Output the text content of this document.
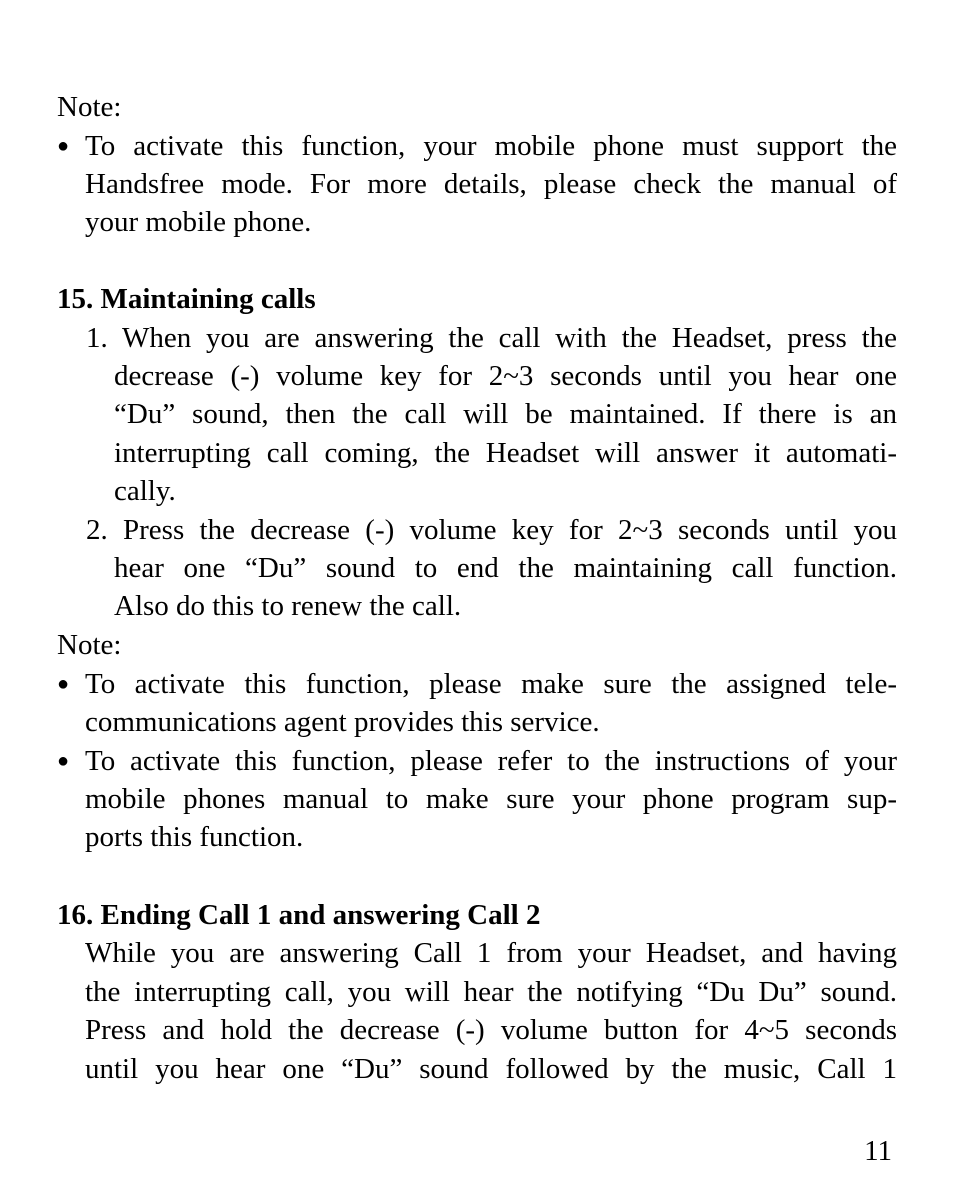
Note:
● To activate this function, your mobile phone must support the
Handsfree mode. For more details, please check the manual of
your mobile phone.
15. Maintaining calls
1. When you are answering the call with the Headset, press the
decrease (-) volume key for 2~3 seconds until you hear one
“Du” sound, then the call will be maintained. If there is an
interrupting call coming, the Headset will answer it automati-
cally.
2. Press the decrease (-) volume key for 2~3 seconds until you
hear one “Du” sound to end the maintaining call function.
Also do this to renew the call.
Note:
● To activate this function, please make sure the assigned tele-
communications agent provides this service.
● To activate this function, please refer to the instructions of your
mobile phones manual to make sure your phone program sup-
ports this function.
16. Ending Call 1 and answering Call 2
While you are answering Call 1 from your Headset, and having
the interrupting call, you will hear the notifying “Du Du” sound.
Press and hold the decrease (-) volume button for 4~5 seconds
until you hear one “Du” sound followed by the music, Call 1
11
